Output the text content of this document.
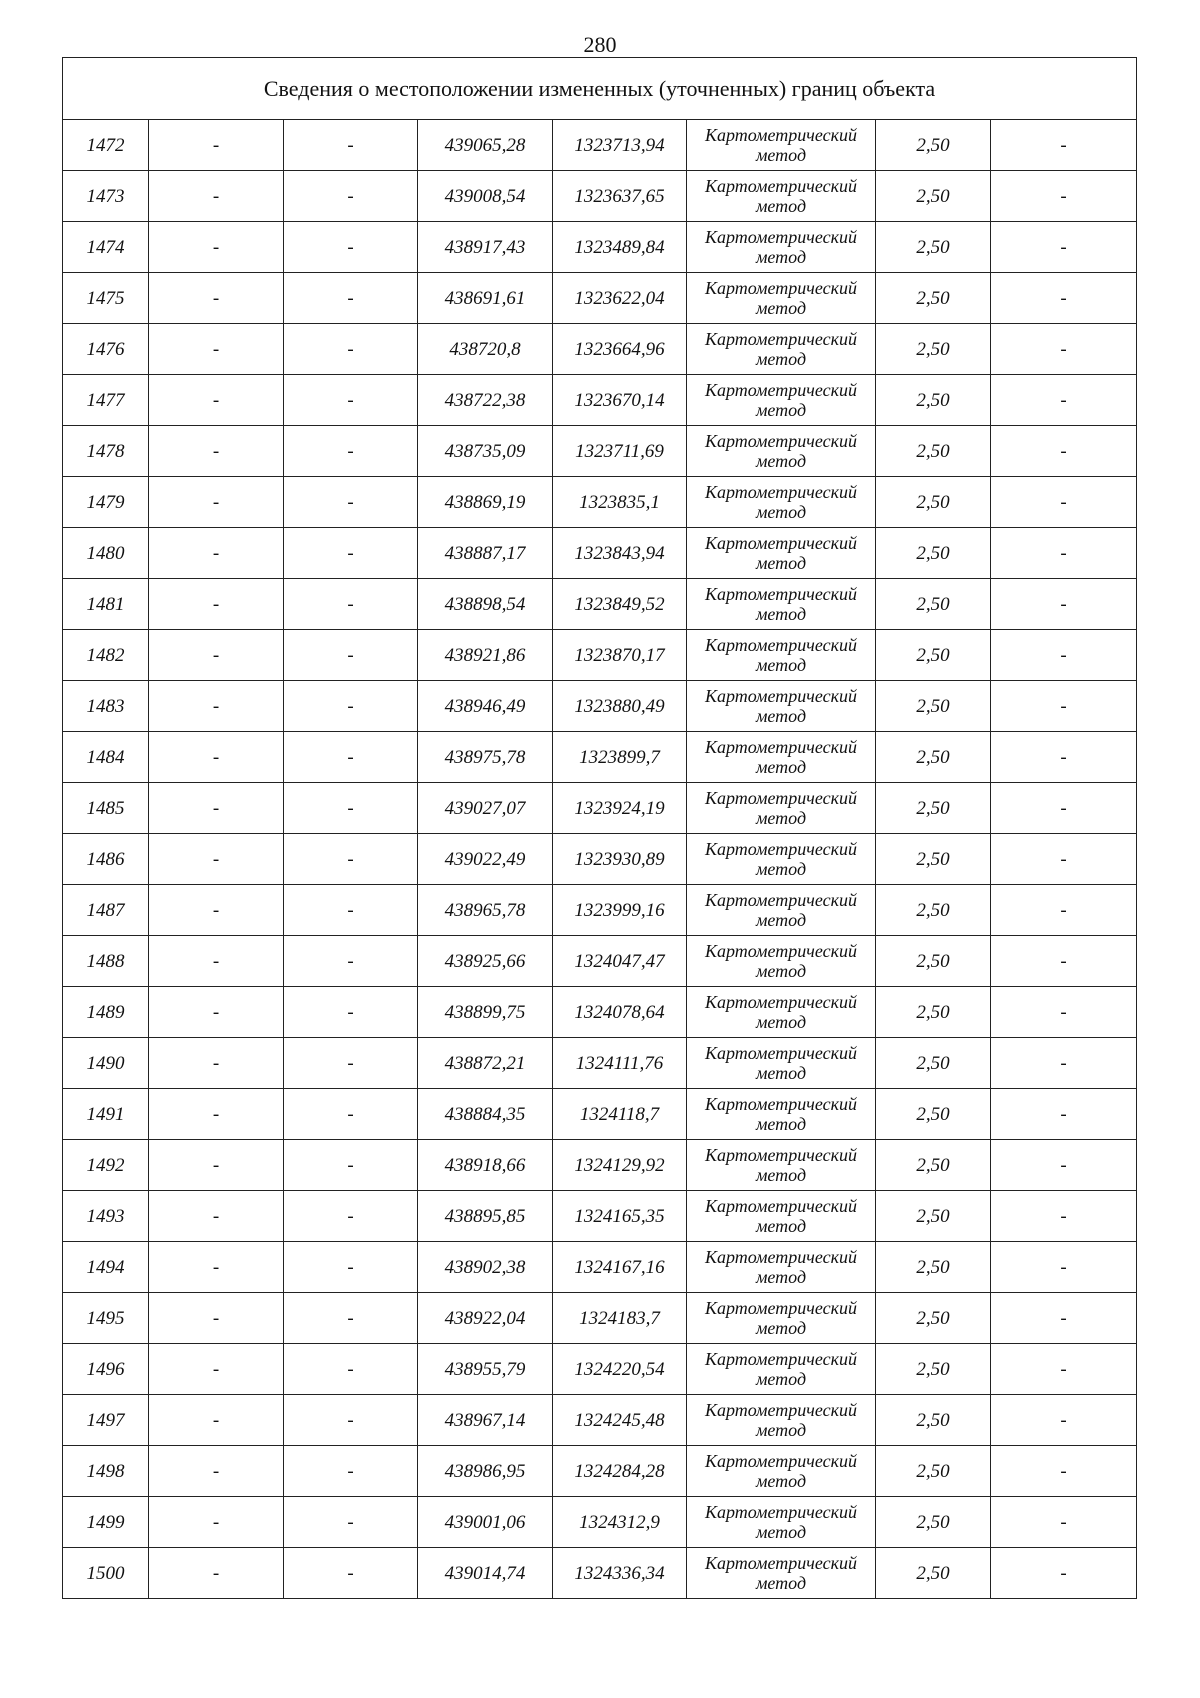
280
Сведения о местоположении измененных (уточненных) границ объекта							
1472	-	-	439065,28	1323713,94	Картометрический метод	2,50	-
1473	-	-	439008,54	1323637,65	Картометрический метод	2,50	-
1474	-	-	438917,43	1323489,84	Картометрический метод	2,50	-
1475	-	-	438691,61	1323622,04	Картометрический метод	2,50	-
1476	-	-	438720,8	1323664,96	Картометрический метод	2,50	-
1477	-	-	438722,38	1323670,14	Картометрический метод	2,50	-
1478	-	-	438735,09	1323711,69	Картометрический метод	2,50	-
1479	-	-	438869,19	1323835,1	Картометрический метод	2,50	-
1480	-	-	438887,17	1323843,94	Картометрический метод	2,50	-
1481	-	-	438898,54	1323849,52	Картометрический метод	2,50	-
1482	-	-	438921,86	1323870,17	Картометрический метод	2,50	-
1483	-	-	438946,49	1323880,49	Картометрический метод	2,50	-
1484	-	-	438975,78	1323899,7	Картометрический метод	2,50	-
1485	-	-	439027,07	1323924,19	Картометрический метод	2,50	-
1486	-	-	439022,49	1323930,89	Картометрический метод	2,50	-
1487	-	-	438965,78	1323999,16	Картометрический метод	2,50	-
1488	-	-	438925,66	1324047,47	Картометрический метод	2,50	-
1489	-	-	438899,75	1324078,64	Картометрический метод	2,50	-
1490	-	-	438872,21	1324111,76	Картометрический метод	2,50	-
1491	-	-	438884,35	1324118,7	Картометрический метод	2,50	-
1492	-	-	438918,66	1324129,92	Картометрический метод	2,50	-
1493	-	-	438895,85	1324165,35	Картометрический метод	2,50	-
1494	-	-	438902,38	1324167,16	Картометрический метод	2,50	-
1495	-	-	438922,04	1324183,7	Картометрический метод	2,50	-
1496	-	-	438955,79	1324220,54	Картометрический метод	2,50	-
1497	-	-	438967,14	1324245,48	Картометрический метод	2,50	-
1498	-	-	438986,95	1324284,28	Картометрический метод	2,50	-
1499	-	-	439001,06	1324312,9	Картометрический метод	2,50	-
1500	-	-	439014,74	1324336,34	Картометрический метод	2,50	-
